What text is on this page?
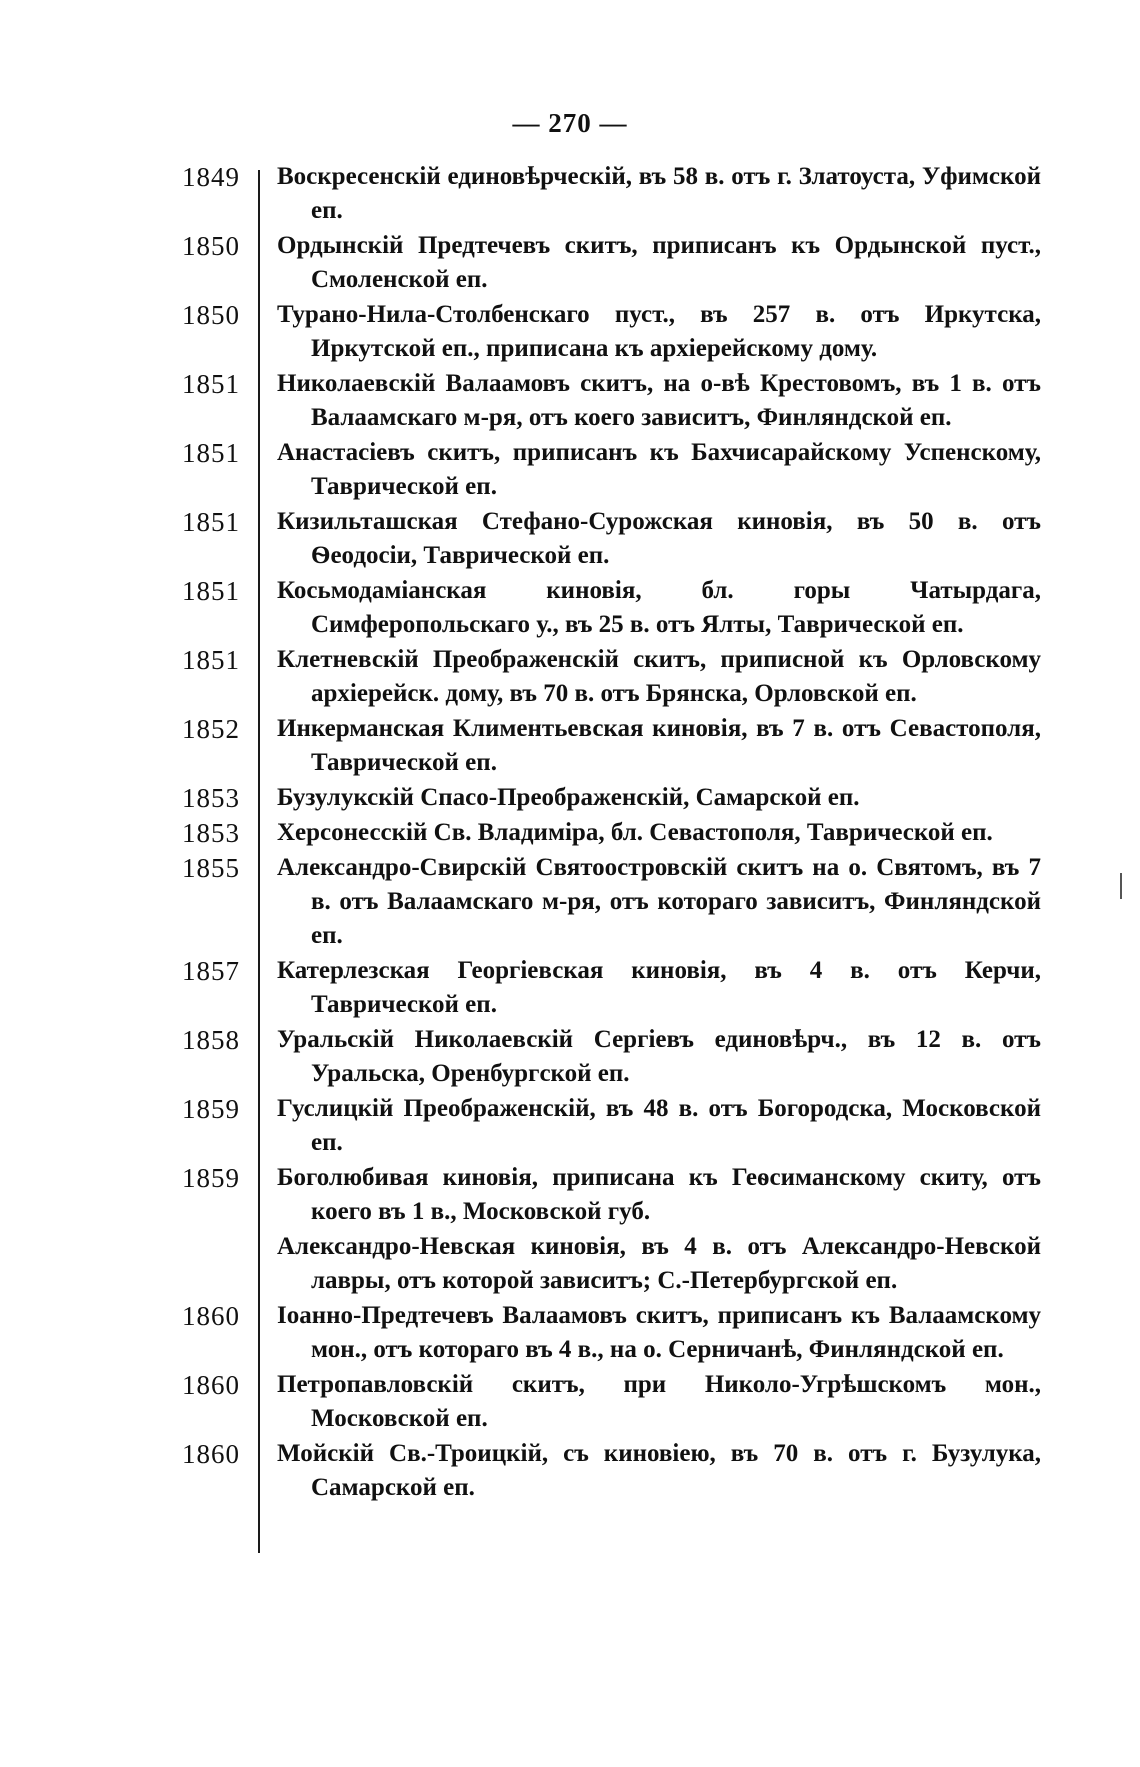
— 270 —
1849 Воскресенскій единовѣрческій, въ 58 в. отъ г. Златоуста, Уфимской еп.
1850 Ордынскій Предтечевъ скитъ, приписанъ къ Ордынской пуст., Смоленской еп.
1850 Турано-Нила-Столбенскаго пуст., въ 257 в. отъ Иркутска, Иркутской еп., приписана къ архіерейскому дому.
1851 Николаевскій Валаамовъ скитъ, на о-вѣ Крестовомъ, въ 1 в. отъ Валаамскаго м-ря, отъ коего зависитъ, Финляндской еп.
1851 Анастасіевъ скитъ, приписанъ къ Бахчисарайскому Успенскому, Таврической еп.
1851 Кизильташская Стефано-Сурожская киновія, въ 50 в. отъ Ѳеодосіи, Таврической еп.
1851 Косьмодаміанская киновія, бл. горы Чатырдага, Симферопольскаго у., въ 25 в. отъ Ялты, Таврической еп.
1851 Клетневскій Преображенскій скитъ, приписной къ Орловскому архіерейск. дому, въ 70 в. отъ Брянска, Орловской еп.
1852 Инкерманская Климентьевская киновія, въ 7 в. отъ Севастополя, Таврической еп.
1853 Бузулукскій Спасо-Преображенскій, Самарской еп.
1853 Херсонесскій Св. Владиміра, бл. Севастополя, Таврической еп.
1855 Александро-Свирскій Святоостровскій скитъ на о. Святомъ, въ 7 в. отъ Валаамскаго м-ря, отъ котораго зависитъ, Финляндской еп.
1857 Катерлезская Георгіевская киновія, въ 4 в. отъ Керчи, Таврической еп.
1858 Уральскій Николаевскій Сергіевъ единовѣрч., въ 12 в. отъ Уральска, Оренбургской еп.
1859 Гуслицкій Преображенскій, въ 48 в. отъ Богородска, Московской еп.
1859 Боголюбивая киновія, приписана къ Геѳсиманскому скиту, отъ коего въ 1 в., Московской губ.
Александро-Невская киновія, въ 4 в. отъ Александро-Невской лавры, отъ которой зависитъ; С.-Петербургской еп.
1860 Іоанно-Предтечевъ Валаамовъ скитъ, приписанъ къ Валаамскому мон., отъ котораго въ 4 в., на о. Серничанѣ, Финляндской еп.
1860 Петропавловскій скитъ, при Николо-Угрѣшскомъ мон., Московской еп.
1860 Мойскій Св.-Троицкій, съ киновіею, въ 70 в. отъ г. Бузулука, Самарской еп.
